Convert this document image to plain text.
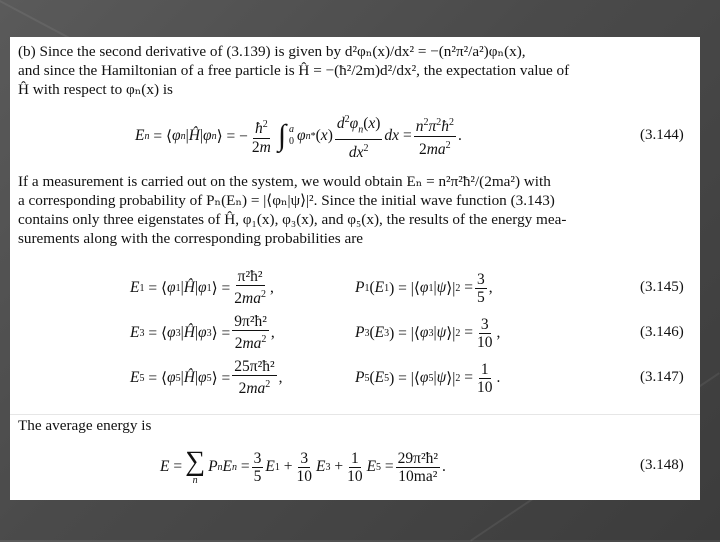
(b) Since the second derivative of (3.139) is given by d²φₙ(x)/dx² = −(n²π²/a²)φₙ(x),
and since the Hamiltonian of a free particle is Ĥ = −(ħ²/2m)d²/dx², the expectation value of
Ĥ with respect to φₙ(x) is
E n = ⟨ φ n | Ĥ | φ n ⟩ = − $\frac{ħ^2}{2m}$ ∫ a
0 φ n * ( x ) $\frac{d^2\varphi_n(x)}{dx^2}$ dx = $\frac{n^2\pi^2ħ^2}{2ma^2}$ .	(3.144)
If a measurement is carried out on the system, we would obtain Eₙ = n²π²ħ²/(2ma²) with
a corresponding probability of Pₙ(Eₙ) = |⟨φₙ|ψ⟩|². Since the initial wave function (3.143)
contains only three eigenstates of Ĥ, φ₁(x), φ₃(x), and φ₅(x), the results of the energy mea-
surements along with the corresponding probabilities are
E 1 = ⟨ φ 1 | Ĥ | φ 1 ⟩ = $\frac{\text{π²ħ²}}{2ma^2}$ ,	P 1 ( E 1 ) = |⟨ φ 1 | ψ ⟩| $2 = \frac{3}{5}$ ,	(3.145)
E 3 = ⟨ φ 3 | Ĥ | φ 3 ⟩ = $\frac{\text{9π²ħ²}}{2ma^2}$ ,	P 3 ( E 3 ) = |⟨ φ 3 | ψ ⟩| $2 = \frac{3}{10}$ ,	(3.146)
E 5 = ⟨ φ 5 | Ĥ | φ 5 ⟩ = $\frac{\text{25π²ħ²}}{2ma^2}$ ,	P 5 ( E 5 ) = |⟨ φ 5 | ψ ⟩| $2 = \frac{1}{10}$ .	(3.147)
The average energy is
E = ∑
n
P n E $n = \frac{3}{5}$ E $1 + \frac{3}{10}$ E $3 + \frac{1}{10}$ E $5 = \frac{\text{29π²ħ²}}{\text{10ma²}}$ .	(3.148)
